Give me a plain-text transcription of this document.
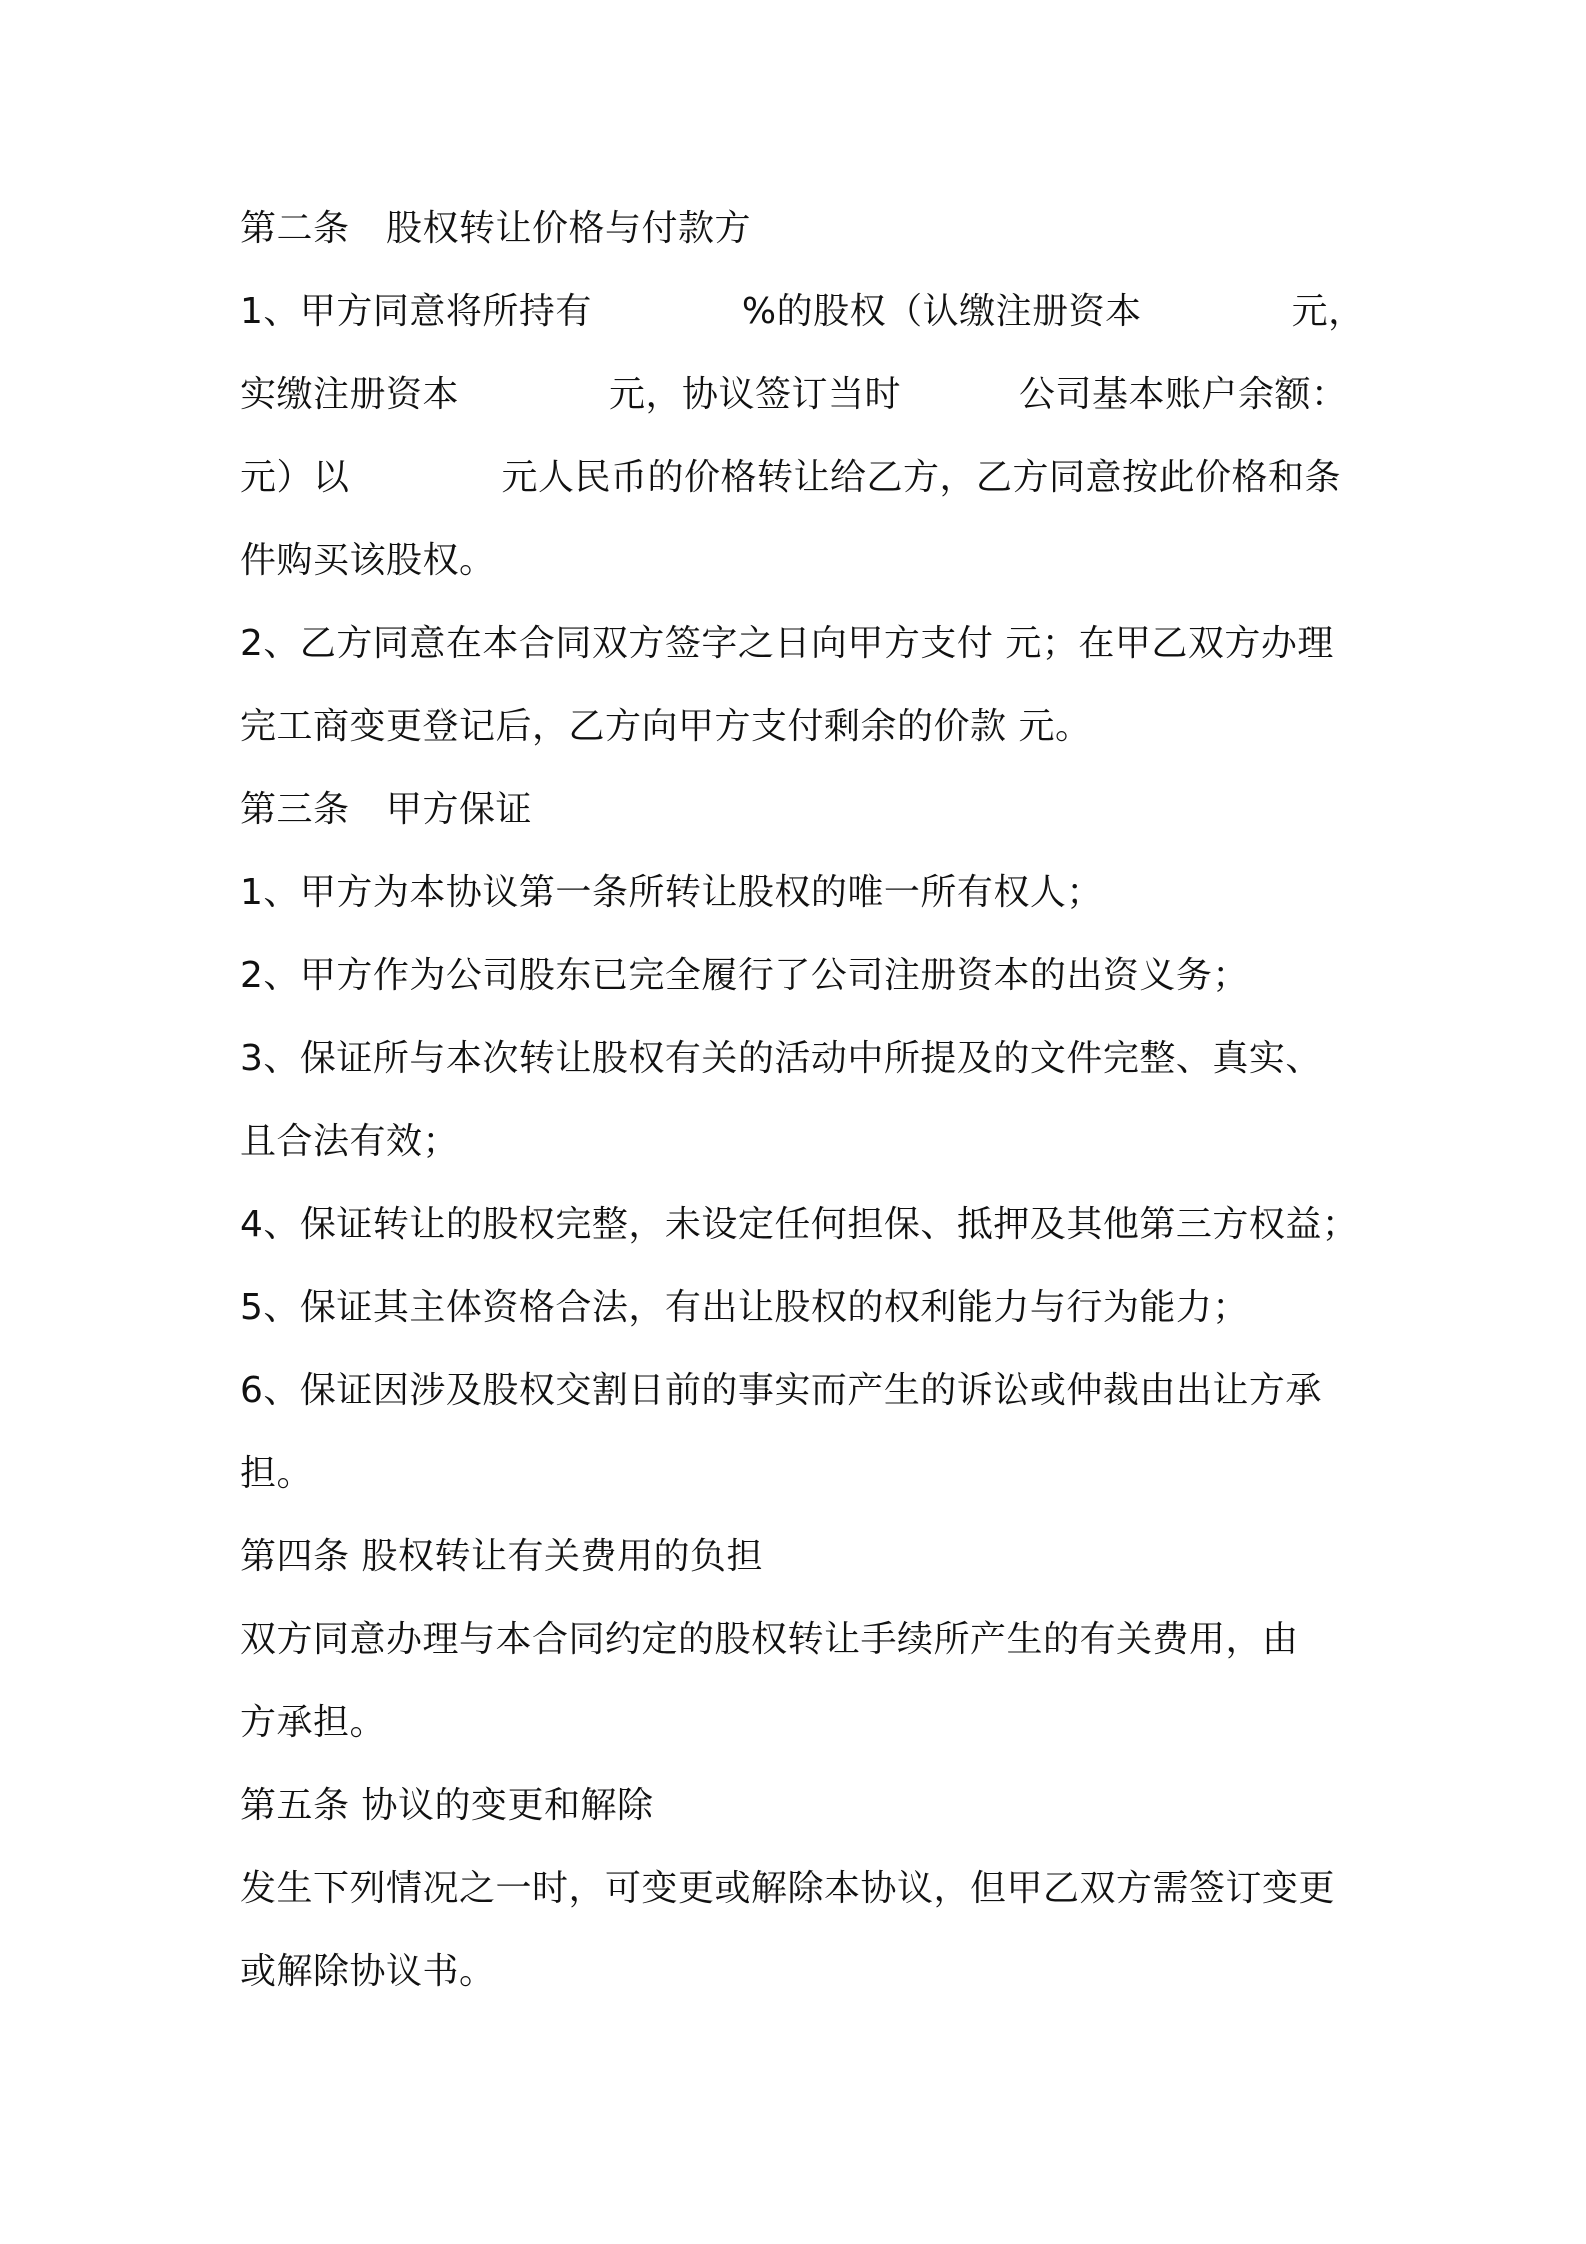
第二条　股权转让价格与付款方
1、甲方同意将所持有	%的股权（认缴注册资本	元，
实缴注册资本	元，协议签订当时	公司基本账户余额：
元）以	元人民币的价格转让给乙方，乙方同意按此价格和条
件购买该股权。
2、乙方同意在本合同双方签字之日向甲方支付 元；在甲乙双方办理
完工商变更登记后，乙方向甲方支付剩余的价款 元。
第三条　甲方保证
1、甲方为本协议第一条所转让股权的唯一所有权人；
2、甲方作为公司股东已完全履行了公司注册资本的出资义务；
3、保证所与本次转让股权有关的活动中所提及的文件完整、真实、
且合法有效；
4、保证转让的股权完整，未设定任何担保、抵押及其他第三方权益；
5、保证其主体资格合法，有出让股权的权利能力与行为能力；
6、保证因涉及股权交割日前的事实而产生的诉讼或仲裁由出让方承
担。
第四条 股权转让有关费用的负担
双方同意办理与本合同约定的股权转让手续所产生的有关费用，由
方承担。
第五条 协议的变更和解除
发生下列情况之一时，可变更或解除本协议，但甲乙双方需签订变更
或解除协议书。
